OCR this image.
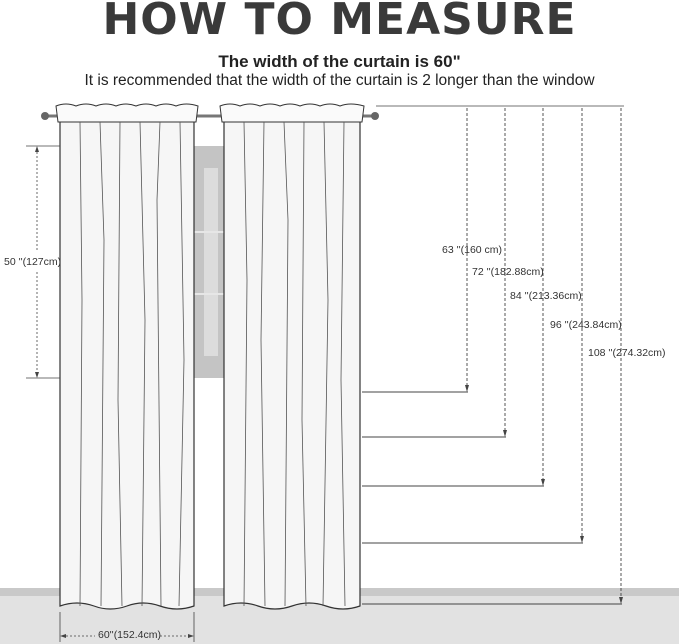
HOW TO MEASURE
The width of the curtain is 60"
It is recommended that the width of the curtain is 2 longer than the window
50 ''(127cm)
60''(152.4cm)
63 ''(160 cm)
72 ''(182.88cm)
84 ''(213.36cm)
96 ''(243.84cm)
108 ''(274.32cm)
